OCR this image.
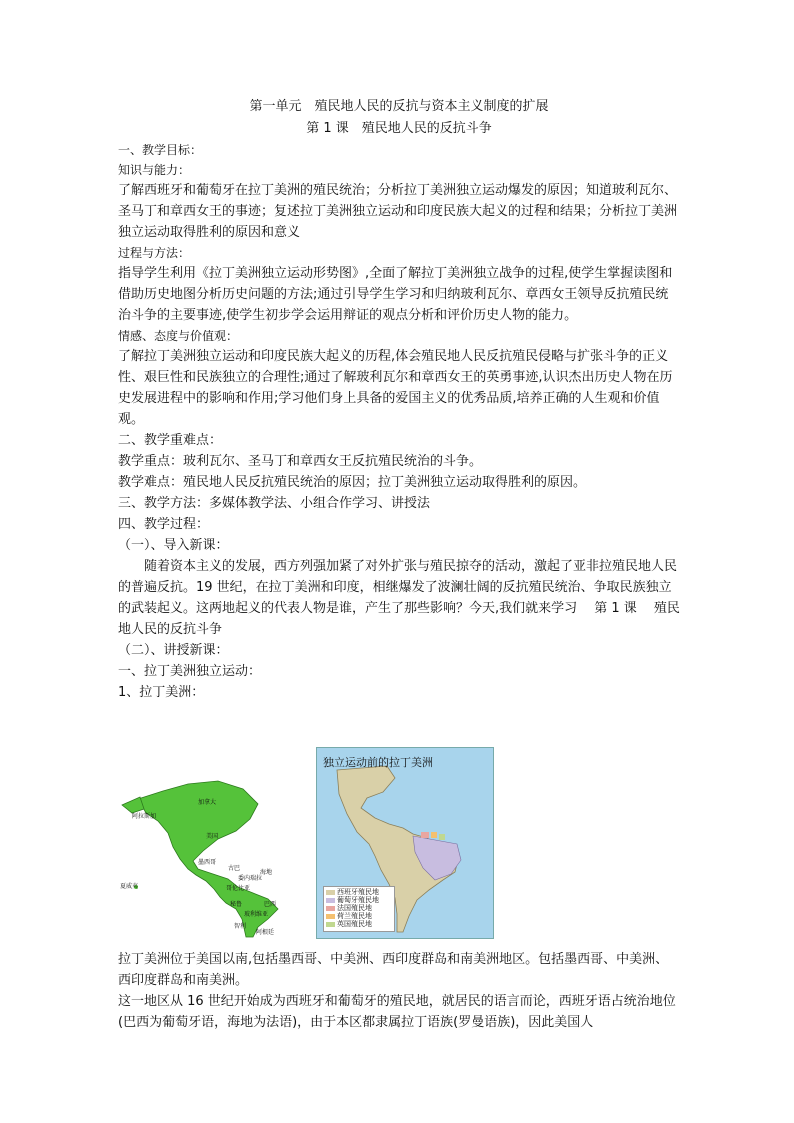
第一单元　殖民地人民的反抗与资本主义制度的扩展
第 1 课　殖民地人民的反抗斗争

一、教学目标：

知识与能力：

了解西班牙和葡萄牙在拉丁美洲的殖民统治；分析拉丁美洲独立运动爆发的原因；知道玻利瓦尔、圣马丁和章西女王的事迹；复述拉丁美洲独立运动和印度民族大起义的过程和结果；分析拉丁美洲独立运动取得胜利的原因和意义

过程与方法：

指导学生利用《拉丁美洲独立运动形势图》,全面了解拉丁美洲独立战争的过程,使学生掌握读图和借助历史地图分析历史问题的方法;通过引导学生学习和归纳玻利瓦尔、章西女王领导反抗殖民统治斗争的主要事迹,使学生初步学会运用辩证的观点分析和评价历史人物的能力。

情感、态度与价值观：

了解拉丁美洲独立运动和印度民族大起义的历程,体会殖民地人民反抗殖民侵略与扩张斗争的正义性、艰巨性和民族独立的合理性;通过了解玻利瓦尔和章西女王的英勇事迹,认识杰出历史人物在历史发展进程中的影响和作用;学习他们身上具备的爱国主义的优秀品质,培养正确的人生观和价值观。

二、教学重难点：

教学重点：玻利瓦尔、圣马丁和章西女王反抗殖民统治的斗争。

教学难点：殖民地人民反抗殖民统治的原因；拉丁美洲独立运动取得胜利的原因。

三、教学方法：多媒体教学法、小组合作学习、讲授法

四、教学过程：

（一）、导入新课：

随着资本主义的发展，西方列强加紧了对外扩张与殖民掠夺的活动，激起了亚非拉殖民地人民的普遍反抗。19 世纪，在拉丁美洲和印度，相继爆发了波澜壮阔的反抗殖民统治、争取民族独立的武装起义。这两地起义的代表人物是谁，产生了那些影响？今天,我们就来学习　 第 1 课　 殖民地人民的反抗斗争

（二）、讲授新课：

一、拉丁美洲独立运动：

1、拉丁美洲：

阿拉斯加
加拿大
美国
墨西哥
夏威夷
古巴
海地
委内瑞拉
哥伦比亚
秘鲁	巴西
玻利维亚
智利
阿根廷
独立运动前的拉丁美洲
西班牙殖民地
葡萄牙殖民地
法国殖民地
荷兰殖民地
英国殖民地

拉丁美洲位于美国以南,包括墨西哥、中美洲、西印度群岛和南美洲地区。包括墨西哥、中美洲、西印度群岛和南美洲。

这一地区从 16 世纪开始成为西班牙和葡萄牙的殖民地，就居民的语言而论，西班牙语占统治地位(巴西为葡萄牙语，海地为法语)，由于本区都隶属拉丁语族(罗曼语族)，因此美国人
